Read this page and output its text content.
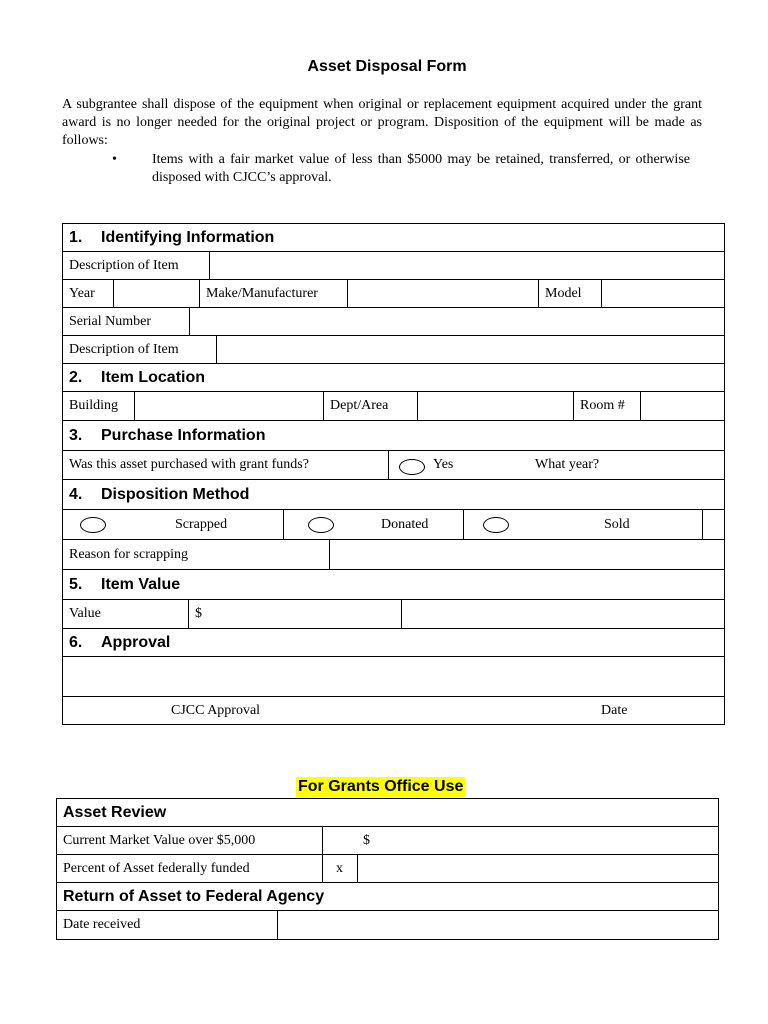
Asset Disposal Form
A subgrantee shall dispose of the equipment when original or replacement equipment acquired under the grant award is no longer needed for the original project or program. Disposition of the equipment will be made as follows:
•	Items with a fair market value of less than $5000 may be retained, transferred, or otherwise disposed with CJCC’s approval.
1.	Identifying Information
Description of Item
Year	Make/Manufacturer	Model
Serial Number
Description of Item
2.	Item Location
Building	Dept/Area	Room #
3.	Purchase Information
Was this asset purchased with grant funds?	Yes	What year?
4.	Disposition Method
Scrapped	Donated	Sold
Reason for scrapping
5.	Item Value
Value	$
6.	Approval
CJCC Approval	Date
For Grants Office Use
Asset Review
Current Market Value over $5,000	$
Percent of Asset federally funded	x
Return of Asset to Federal Agency
Date received
